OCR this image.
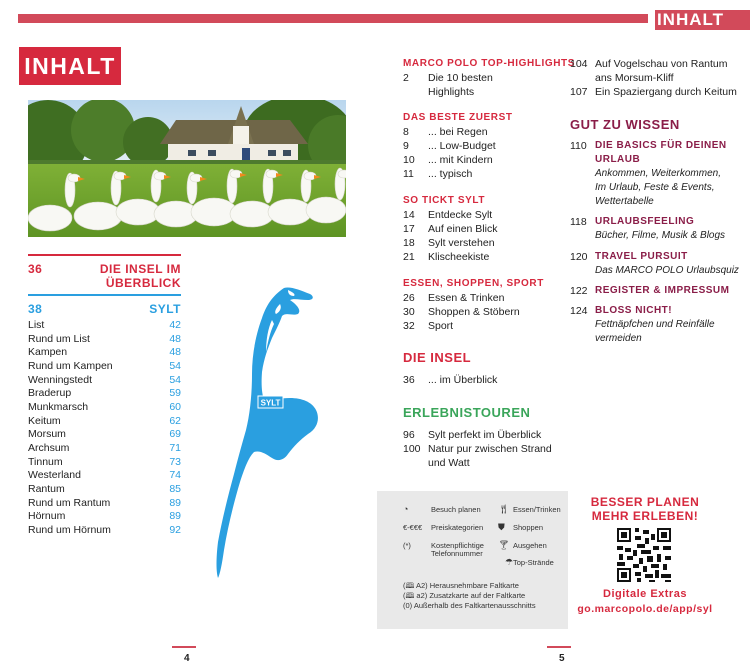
INHALT
INHALT
36	DIE INSEL IM
ÜBERBLICK
38	SYLT
List	42
Rund um List	48
Kampen	48
Rund um Kampen	54
Wenningstedt	54
Braderup	59
Munkmarsch	60
Keitum	62
Morsum	69
Archsum	71
Tinnum	73
Westerland	74
Rantum	85
Rund um Rantum	89
Hörnum	89
Rund um Hörnum	92
SYLT
MARCO POLO TOP-HIGHLIGHTS
2	Die 10 besten
Highlights
DAS BESTE ZUERST
8	... bei Regen
9	... Low-Budget
10	... mit Kindern
11	... typisch
SO TICKT SYLT
14	Entdecke Sylt
17	Auf einen Blick
18	Sylt verstehen
21	Klischeekiste
ESSEN, SHOPPEN, SPORT
26	Essen & Trinken
30	Shoppen & Stöbern
32	Sport
DIE INSEL
36	... im Überblick
ERLEBNISTOUREN
96	Sylt perfekt im Überblick
100 Natur pur zwischen Strand
und Watt
104 Auf Vogelschau von Rantum
ans Morsum-Kliff
107 Ein Spaziergang durch Keitum
GUT ZU WISSEN
110 DIE BASICS FÜR DEINEN
URLAUB
Ankommen, Weiterkommen,
Im Urlaub, Feste & Events,
Wettertabelle
118 URLAUBSFEELING
Bücher, Filme, Musik & Blogs
120 TRAVEL PURSUIT
Das MARCO POLO Urlaubsquiz
122 REGISTER & IMPRESSUM
124 BLOSS NICHT!
Fettnäpfchen und Reinfälle
vermeiden
◔	Besuch planen
€-€€€ Preiskategorien
(*)	Kostenpflichtige
Telefonnummer
🍴︎ Essen/Trinken
⛊ Shoppen
🍸︎ Ausgehen
☂ Top-Strände
(🕮 A2) Herausnehmbare Faltkarte
(🕮 a2) Zusatzkarte auf der Faltkarte
(0) Außerhalb des Faltkartenausschnitts
BESSER PLANEN
MEHR ERLEBEN!
Digitale Extras
go.marcopolo.de/app/syl
4	5
